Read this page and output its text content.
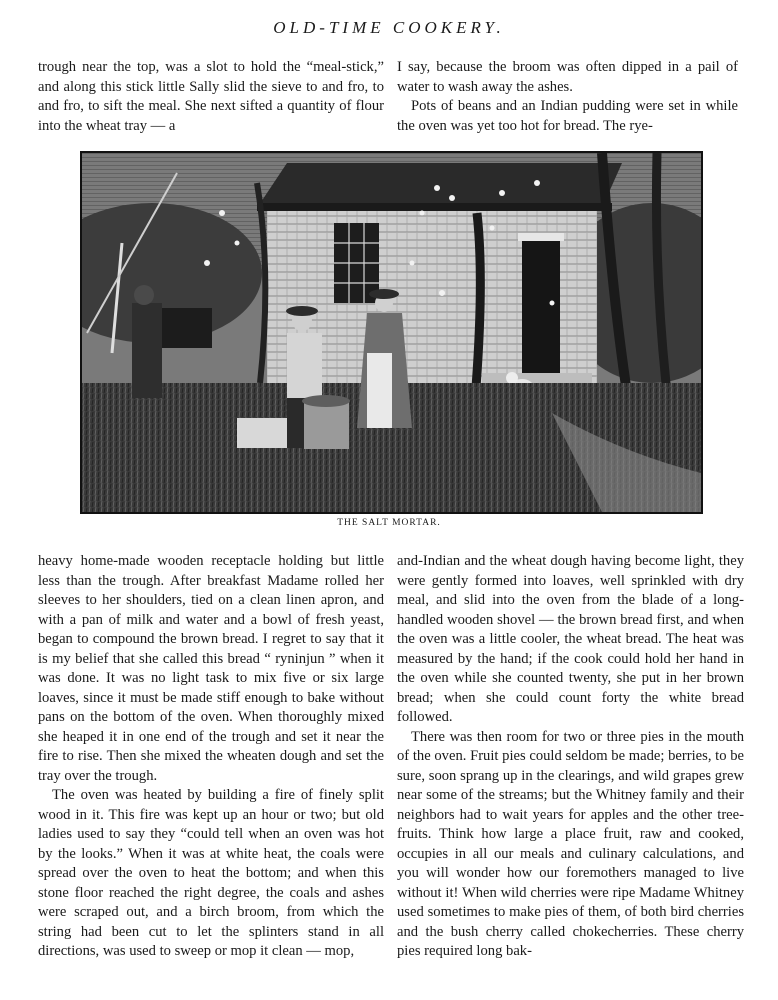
OLD-TIME COOKERY.

trough near the top, was a slot to hold the “meal-stick,” and along this stick little Sally slid the sieve to and fro, to and fro, to sift the meal. She next sifted a quantity of flour into the wheat tray — a

I say, because the broom was often dipped in a pail of water to wash away the ashes.

Pots of beans and an Indian pudding were set in while the oven was yet too hot for bread. The rye-

THE SALT MORTAR.

heavy home-made wooden receptacle holding but little less than the trough. After breakfast Madame rolled her sleeves to her shoulders, tied on a clean linen apron, and with a pan of milk and water and a bowl of fresh yeast, began to compound the brown bread. I regret to say that it is my belief that she called this bread “ ryninjun ” when it was done. It was no light task to mix five or six large loaves, since it must be made stiff enough to bake without pans on the bottom of the oven. When thoroughly mixed she heaped it in one end of the trough and set it near the fire to rise. Then she mixed the wheaten dough and set the tray over the trough.

The oven was heated by building a fire of finely split wood in it. This fire was kept up an hour or two; but old ladies used to say they “could tell when an oven was hot by the looks.” When it was at white heat, the coals were spread over the oven to heat the bottom; and when this stone floor reached the right degree, the coals and ashes were scraped out, and a birch broom, from which the string had been cut to let the splinters stand in all directions, was used to sweep or mop it clean — mop,

and-Indian and the wheat dough having become light, they were gently formed into loaves, well sprinkled with dry meal, and slid into the oven from the blade of a long-handled wooden shovel — the brown bread first, and when the oven was a little cooler, the wheat bread. The heat was measured by the hand; if the cook could hold her hand in the oven while she counted twenty, she put in her brown bread; when she could count forty the white bread followed.

There was then room for two or three pies in the mouth of the oven. Fruit pies could seldom be made; berries, to be sure, soon sprang up in the clearings, and wild grapes grew near some of the streams; but the Whitney family and their neighbors had to wait years for apples and the other tree-fruits. Think how large a place fruit, raw and cooked, occupies in all our meals and culinary calculations, and you will wonder how our foremothers managed to live without it! When wild cherries were ripe Madame Whitney used sometimes to make pies of them, of both bird cherries and the bush cherry called chokecherries. These cherry pies required long bak-
